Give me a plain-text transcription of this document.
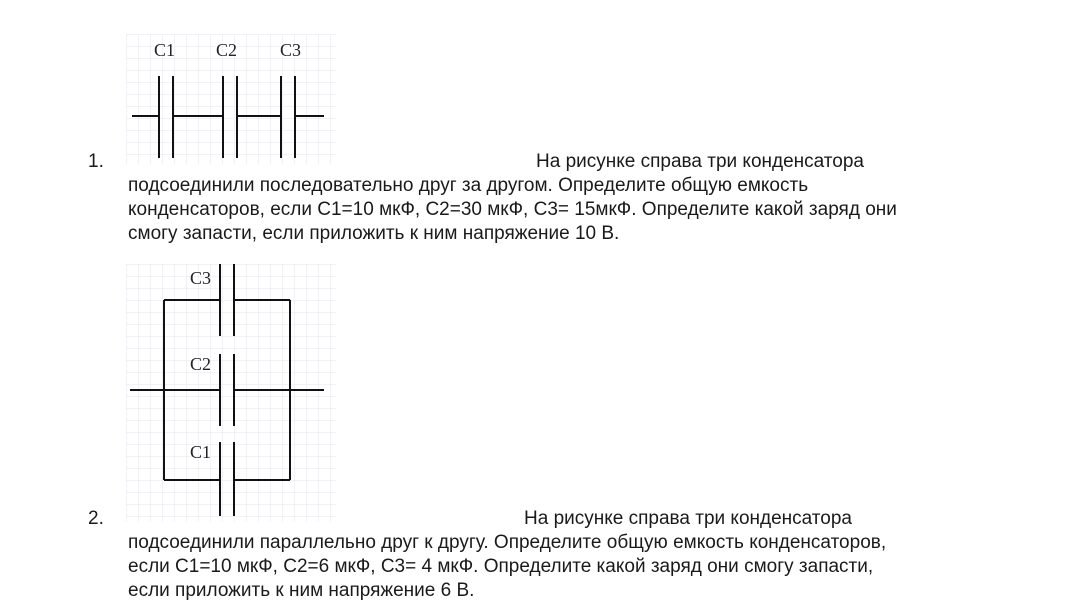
C1 C2 C3
1.	На рисунке справа три конденсатора
подсоединили последовательно друг за другом. Определите общую емкость
конденсаторов, если С1=10 мкФ, С2=30 мкФ, С3= 15мкФ. Определите какой заряд они
смогу запасти, если приложить к ним напряжение 10 В.
C3
C2
C1
2.	На рисунке справа три конденсатора
подсоединили параллельно друг к другу. Определите общую емкость конденсаторов,
если С1=10 мкФ, С2=6 мкФ, С3= 4 мкФ. Определите какой заряд они смогу запасти,
если приложить к ним напряжение 6 В.
